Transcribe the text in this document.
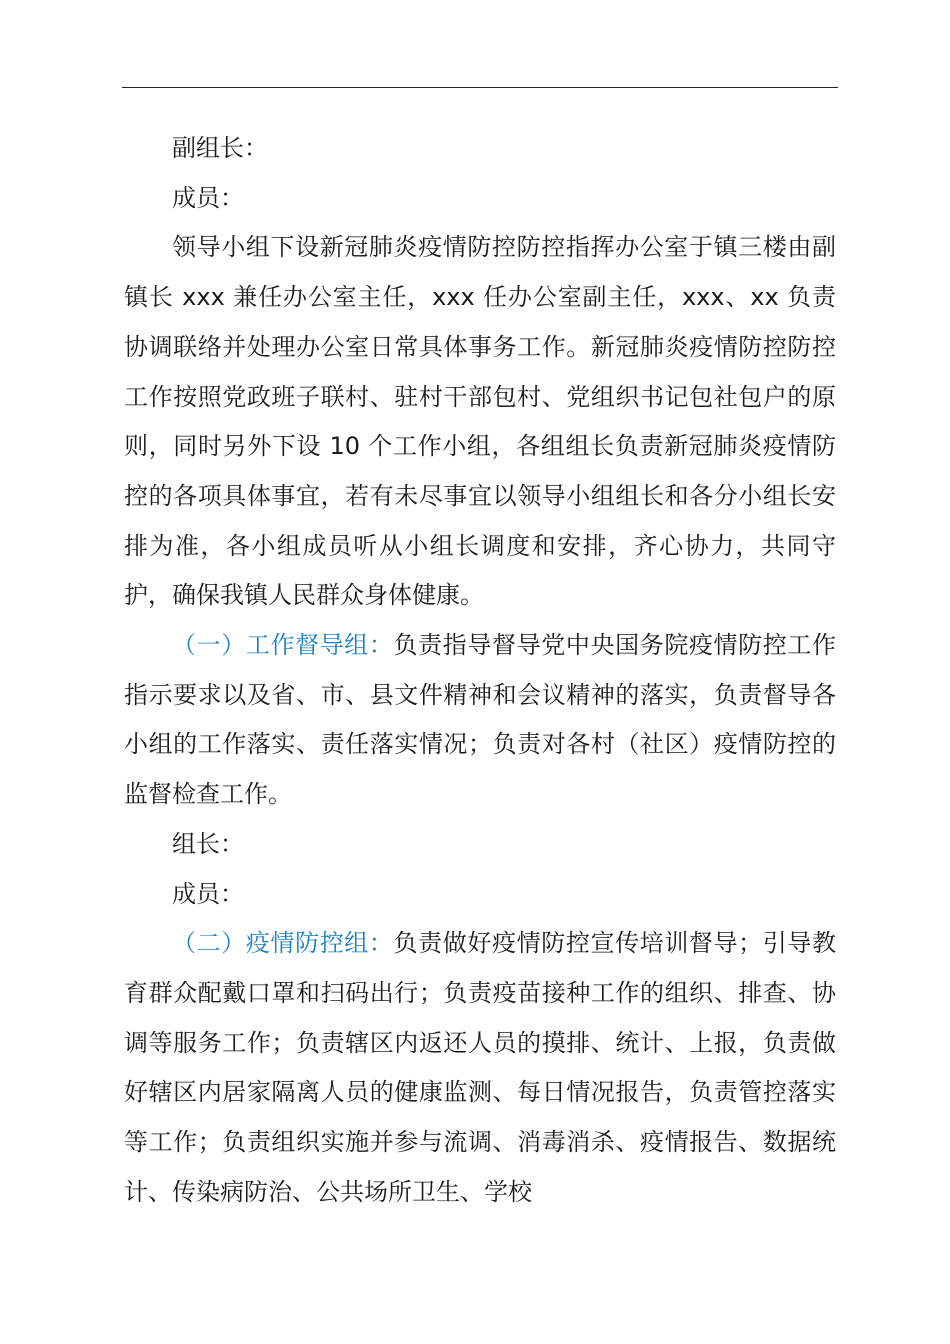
副组长：

成员：

领导小组下设新冠肺炎疫情防控防控指挥办公室于镇三楼由副镇长 xxx 兼任办公室主任，xxx 任办公室副主任，xxx、xx 负责协调联络并处理办公室日常具体事务工作。新冠肺炎疫情防控防控工作按照党政班子联村、驻村干部包村、党组织书记包社包户的原则，同时另外下设 10 个工作小组，各组组长负责新冠肺炎疫情防控的各项具体事宜，若有未尽事宜以领导小组组长和各分小组长安排为准，各小组成员听从小组长调度和安排，齐心协力，共同守护，确保我镇人民群众身体健康。

（一）工作督导组：负责指导督导党中央国务院疫情防控工作指示要求以及省、市、县文件精神和会议精神的落实，负责督导各小组的工作落实、责任落实情况；负责对各村（社区）疫情防控的监督检查工作。

组长：

成员：

（二）疫情防控组：负责做好疫情防控宣传培训督导；引导教育群众配戴口罩和扫码出行；负责疫苗接种工作的组织、排查、协调等服务工作；负责辖区内返还人员的摸排、统计、上报，负责做好辖区内居家隔离人员的健康监测、每日情况报告，负责管控落实等工作；负责组织实施并参与流调、消毒消杀、疫情报告、数据统计、传染病防治、公共场所卫生、学校
